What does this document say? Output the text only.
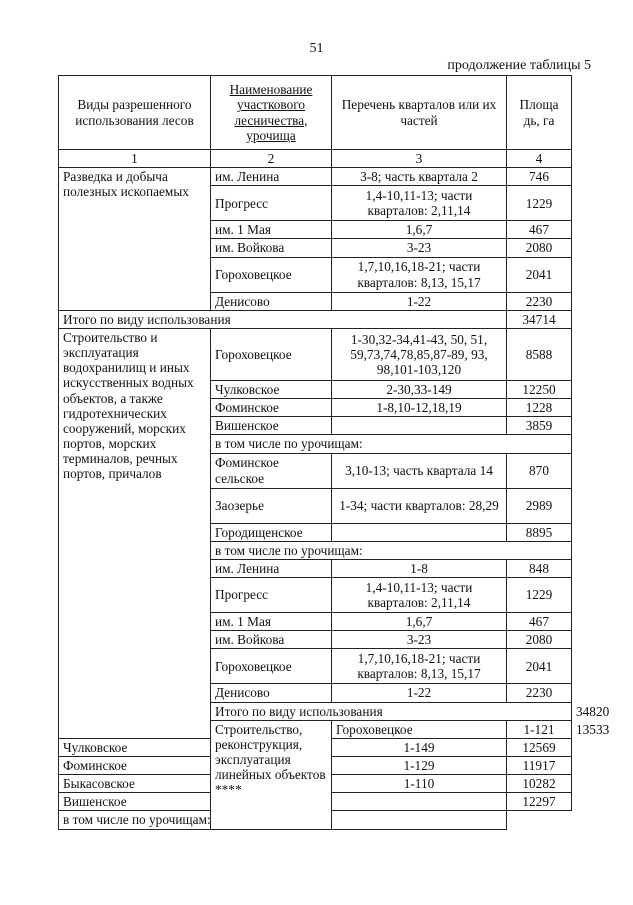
51
продолжение таблицы 5
Виды разрешенного использования лесов	Наименование участкового лесничества, урочища	Перечень кварталов или их частей	Площа дь, га	
1	2	3	4	
Разведка и добыча полезных ископаемых	им. Ленина	3-8; часть квартала 2	746	
	Прогресс	1,4-10,11-13; части кварталов: 2,11,14	1229	
	им. 1 Мая	1,6,7	467	
	им. Войкова	3-23	2080	
	Гороховецкое	1,7,10,16,18-21; части кварталов: 8,13, 15,17	2041	
	Денисово	1-22	2230	
Итого по виду использования			34714	
Строительство и эксплуатация водохранилищ и иных искусственных водных объектов, а также гидротехнических сооружений, морских портов, морских терминалов, речных портов, причалов	Гороховецкое	1-30,32-34,41-43, 50, 51, 59,73,74,78,85,87-89, 93, 98,101-103,120	8588	
	Чулковское	2-30,33-149	12250	
	Фоминское	1-8,10-12,18,19	1228	
	Вишенское		3859	
	в том числе по урочищам:			
	Фоминское сельское	3,10-13; часть квартала 14	870	
	Заозерье	1-34; части кварталов: 28,29	2989	
	Городищенское		8895	
	в том числе по урочищам:			
	им. Ленина	1-8	848	
	Прогресс	1,4-10,11-13; части кварталов: 2,11,14	1229	
	им. 1 Мая	1,6,7	467	
	им. Войкова	3-23	2080	
	Гороховецкое	1,7,10,16,18-21; части кварталов: 8,13, 15,17	2041	
	Денисово	1-22	2230	
	Итого по виду использования			34820
	Строительство, реконструкция, эксплуатация линейных объектов ****	Гороховецкое	1-121	13533
Чулковское		1-149	12569	
Фоминское		1-129	11917	
Быкасовское		1-110	10282	
Вишенское			12297	
в том числе по урочищам:				
